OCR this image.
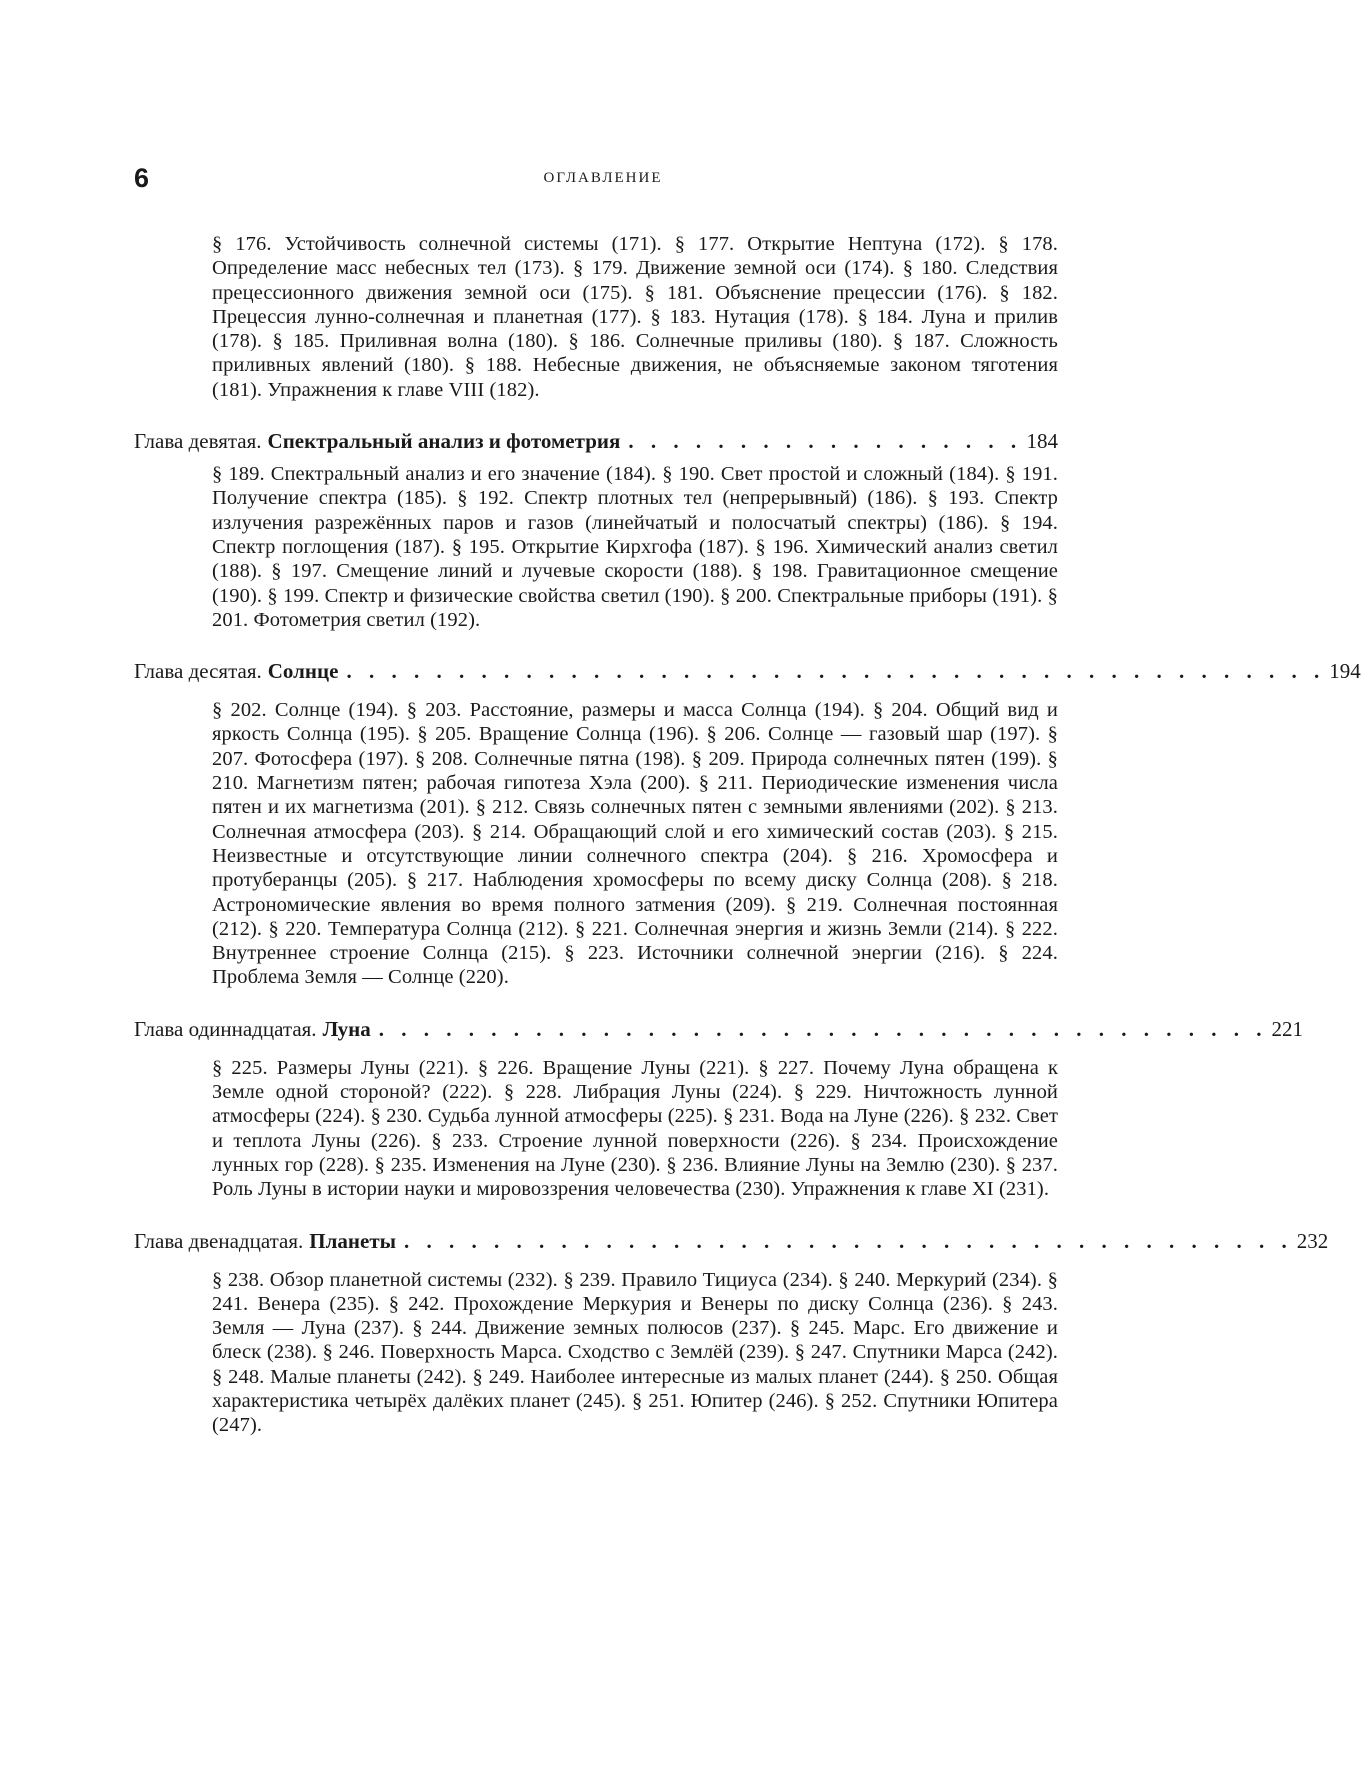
6	ОГЛАВЛЕНИЕ

§ 176. Устойчивость солнечной системы (171). § 177. Открытие Нептуна (172). § 178. Определение масс небесных тел (173). § 179. Движение земной оси (174). § 180. Следствия прецессионного движения земной оси (175). § 181. Объяснение прецессии (176). § 182. Прецессия лунно-солнечная и планетная (177). § 183. Нутация (178). § 184. Луна и прилив (178). § 185. Приливная волна (180). § 186. Солнечные приливы (180). § 187. Сложность приливных явлений (180). § 188. Небесные движения, не объясняемые законом тяготения (181). Упражнения к главе VIII (182).

Глава девятая. Спектральный анализ и фотометрия . . . . . . . . . . . . . . . . . . 184

§ 189. Спектральный анализ и его значение (184). § 190. Свет простой и сложный (184). § 191. Получение спектра (185). § 192. Спектр плотных тел (непрерывный) (186). § 193. Спектр излучения разрежённых паров и газов (линейчатый и полосчатый спектры) (186). § 194. Спектр поглощения (187). § 195. Открытие Кирхгофа (187). § 196. Химический анализ светил (188). § 197. Смещение линий и лучевые скорости (188). § 198. Гравитационное смещение (190). § 199. Спектр и физические свойства светил (190). § 200. Спектральные приборы (191). § 201. Фотометрия светил (192).

Глава десятая. Солнце . . . . . . . . . . . . . . . . . . . . . . . . . . . . . . . . . . . . . . . . . . . . 194

§ 202. Солнце (194). § 203. Расстояние, размеры и масса Солнца (194). § 204. Общий вид и яркость Солнца (195). § 205. Вращение Солнца (196). § 206. Солнце — газовый шар (197). § 207. Фотосфера (197). § 208. Солнечные пятна (198). § 209. Природа солнечных пятен (199). § 210. Магнетизм пятен; рабочая гипотеза Хэла (200). § 211. Периодические изменения числа пятен и их магнетизма (201). § 212. Связь солнечных пятен с земными явлениями (202). § 213. Солнечная атмосфера (203). § 214. Обращающий слой и его химический состав (203). § 215. Неизвестные и отсутствующие линии солнечного спектра (204). § 216. Хромосфера и протуберанцы (205). § 217. Наблюдения хромосферы по всему диску Солнца (208). § 218. Астрономические явления во время полного затмения (209). § 219. Солнечная постоянная (212). § 220. Температура Солнца (212). § 221. Солнечная энергия и жизнь Земли (214). § 222. Внутреннее строение Солнца (215). § 223. Источники солнечной энергии (216). § 224. Проблема Земля — Солнце (220).

Глава одиннадцатая. Луна . . . . . . . . . . . . . . . . . . . . . . . . . . . . . . . . . . . . . . . . 221

§ 225. Размеры Луны (221). § 226. Вращение Луны (221). § 227. Почему Луна обращена к Земле одной стороной? (222). § 228. Либрация Луны (224). § 229. Ничтожность лунной атмосферы (224). § 230. Судьба лунной атмосферы (225). § 231. Вода на Луне (226). § 232. Свет и теплота Луны (226). § 233. Строение лунной поверхности (226). § 234. Происхождение лунных гор (228). § 235. Изменения на Луне (230). § 236. Влияние Луны на Землю (230). § 237. Роль Луны в истории науки и мировоззрения человечества (230). Упражнения к главе XI (231).

Глава двенадцатая. Планеты . . . . . . . . . . . . . . . . . . . . . . . . . . . . . . . . . . . . . . . . 232

§ 238. Обзор планетной системы (232). § 239. Правило Тициуса (234). § 240. Меркурий (234). § 241. Венера (235). § 242. Прохождение Меркурия и Венеры по диску Солнца (236). § 243. Земля — Луна (237). § 244. Движение земных полюсов (237). § 245. Марс. Его движение и блеск (238). § 246. Поверхность Марса. Сходство с Землёй (239). § 247. Спутники Марса (242). § 248. Малые планеты (242). § 249. Наиболее интересные из малых планет (244). § 250. Общая характеристика четырёх далёких планет (245). § 251. Юпитер (246). § 252. Спутники Юпитера (247).
